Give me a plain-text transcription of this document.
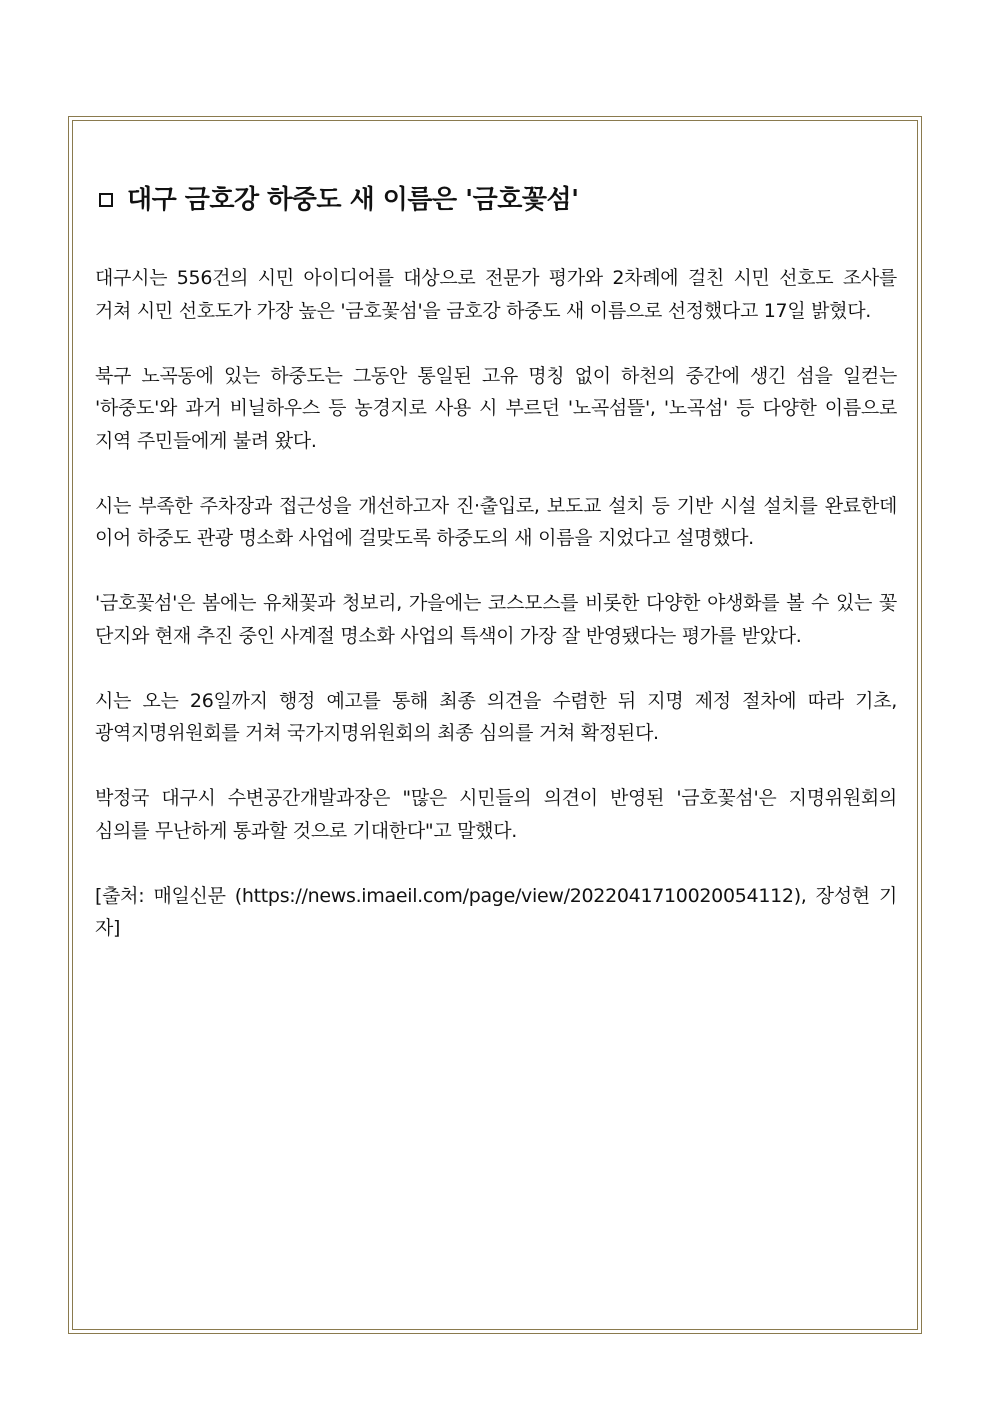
대구 금호강 하중도 새 이름은 '금호꽃섬'

대구시는 556건의 시민 아이디어를 대상으로 전문가 평가와 2차례에 걸친 시민 선호도 조사를 거쳐 시민 선호도가 가장 높은 '금호꽃섬'을 금호강 하중도 새 이름으로 선정했다고 17일 밝혔다.

북구 노곡동에 있는 하중도는 그동안 통일된 고유 명칭 없이 하천의 중간에 생긴 섬을 일컫는 '하중도'와 과거 비닐하우스 등 농경지로 사용 시 부르던 '노곡섬뜰', '노곡섬' 등 다양한 이름으로 지역 주민들에게 불려 왔다.

시는 부족한 주차장과 접근성을 개선하고자 진·출입로, 보도교 설치 등 기반 시설 설치를 완료한데 이어 하중도 관광 명소화 사업에 걸맞도록 하중도의 새 이름을 지었다고 설명했다.

'금호꽃섬'은 봄에는 유채꽃과 청보리, 가을에는 코스모스를 비롯한 다양한 야생화를 볼 수 있는 꽃 단지와 현재 추진 중인 사계절 명소화 사업의 특색이 가장 잘 반영됐다는 평가를 받았다.

시는 오는 26일까지 행정 예고를 통해 최종 의견을 수렴한 뒤 지명 제정 절차에 따라 기초, 광역지명위원회를 거쳐 국가지명위원회의 최종 심의를 거쳐 확정된다.

박정국 대구시 수변공간개발과장은 "많은 시민들의 의견이 반영된 '금호꽃섬'은 지명위원회의 심의를 무난하게 통과할 것으로 기대한다"고 말했다.

[출처: 매일신문 (https://news.imaeil.com/page/view/2022041710020054112), 장성현 기자]
